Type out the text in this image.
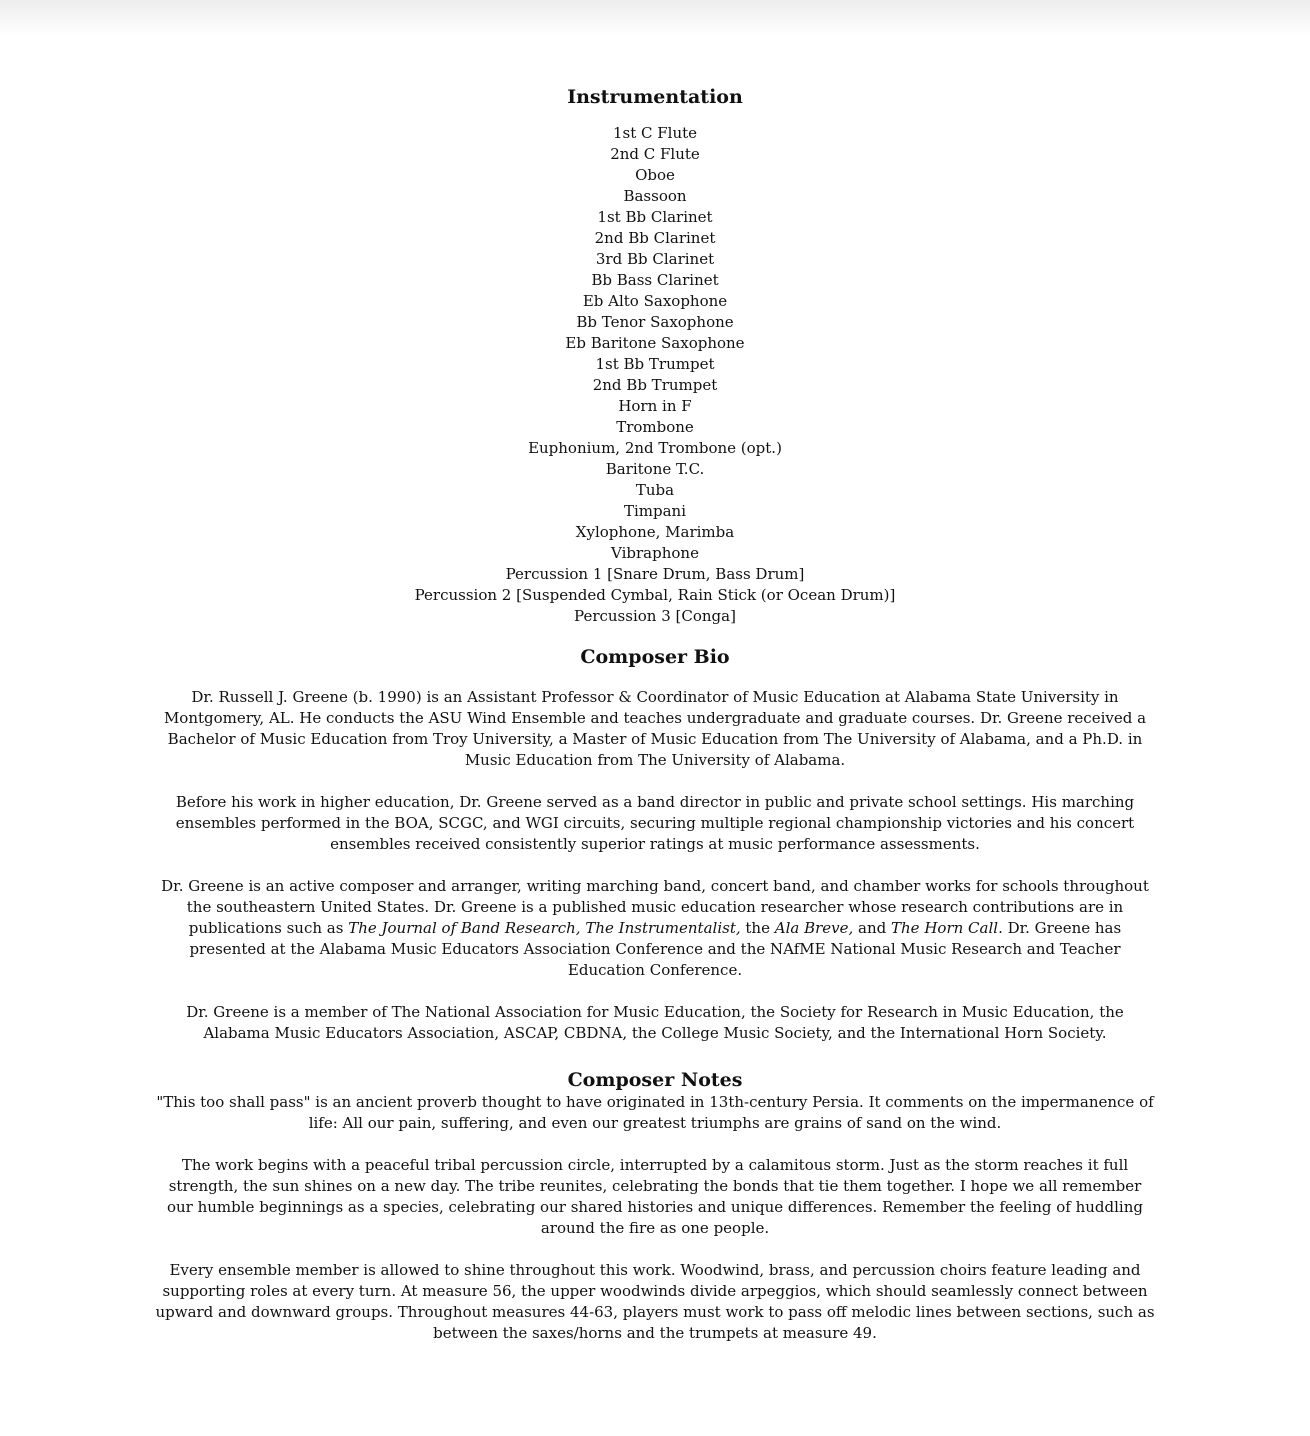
Instrumentation
1st C Flute
2nd C Flute
Oboe
Bassoon
1st Bb Clarinet
2nd Bb Clarinet
3rd Bb Clarinet
Bb Bass Clarinet
Eb Alto Saxophone
Bb Tenor Saxophone
Eb Baritone Saxophone
1st Bb Trumpet
2nd Bb Trumpet
Horn in F
Trombone
Euphonium, 2nd Trombone (opt.)
Baritone T.C.
Tuba
Timpani
Xylophone, Marimba
Vibraphone
Percussion 1 [Snare Drum, Bass Drum]
Percussion 2 [Suspended Cymbal, Rain Stick (or Ocean Drum)]
Percussion 3 [Conga]
Composer Bio

Dr. Russell J. Greene (b. 1990) is an Assistant Professor & Coordinator of Music Education at Alabama State University in Montgomery, AL. He conducts the ASU Wind Ensemble and teaches undergraduate and graduate courses. Dr. Greene received a Bachelor of Music Education from Troy University, a Master of Music Education from The University of Alabama, and a Ph.D. in Music Education from The University of Alabama.

Before his work in higher education, Dr. Greene served as a band director in public and private school settings. His marching ensembles performed in the BOA, SCGC, and WGI circuits, securing multiple regional championship victories and his concert ensembles received consistently superior ratings at music performance assessments.

Dr. Greene is an active composer and arranger, writing marching band, concert band, and chamber works for schools throughout the southeastern United States. Dr. Greene is a published music education researcher whose research contributions are in publications such as The Journal of Band Research, The Instrumentalist, the Ala Breve, and The Horn Call. Dr. Greene has presented at the Alabama Music Educators Association Conference and the NAfME National Music Research and Teacher Education Conference.

Dr. Greene is a member of The National Association for Music Education, the Society for Research in Music Education, the Alabama Music Educators Association, ASCAP, CBDNA, the College Music Society, and the International Horn Society.

Composer Notes

"This too shall pass" is an ancient proverb thought to have originated in 13th-century Persia. It comments on the impermanence of life: All our pain, suffering, and even our greatest triumphs are grains of sand on the wind.

The work begins with a peaceful tribal percussion circle, interrupted by a calamitous storm. Just as the storm reaches it full strength, the sun shines on a new day. The tribe reunites, celebrating the bonds that tie them together. I hope we all remember our humble beginnings as a species, celebrating our shared histories and unique differences. Remember the feeling of huddling around the fire as one people.

Every ensemble member is allowed to shine throughout this work. Woodwind, brass, and percussion choirs feature leading and supporting roles at every turn. At measure 56, the upper woodwinds divide arpeggios, which should seamlessly connect between upward and downward groups. Throughout measures 44-63, players must work to pass off melodic lines between sections, such as between the saxes/horns and the trumpets at measure 49.
